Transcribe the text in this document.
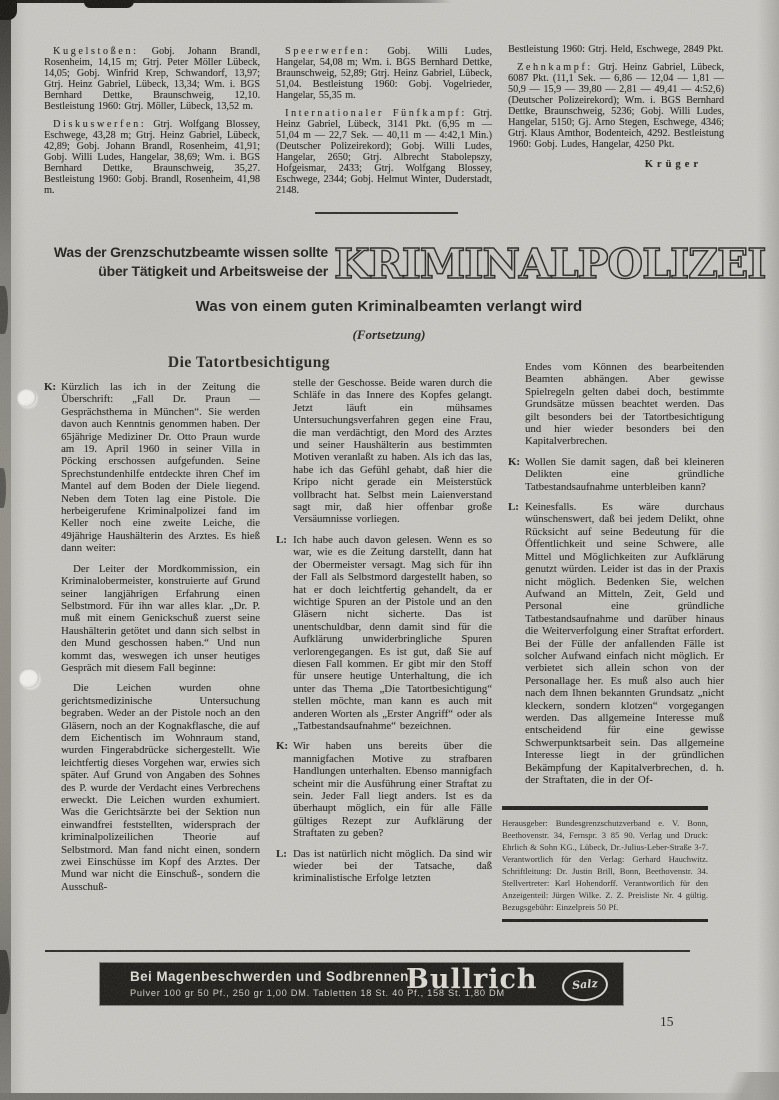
Kugelstoßen: Gobj. Johann Brandl, Rosenheim, 14,15 m; Gtrj. Peter Möller Lübeck, 14,05; Gobj. Winfrid Krep, Schwandorf, 13,97; Gtrj. Heinz Gabriel, Lübeck, 13,34; Wm. i. BGS Bernhard Dettke, Braunschweig, 12,10. Bestleistung 1960: Gtrj. Möller, Lübeck, 13,52 m.

Diskuswerfen: Gtrj. Wolfgang Blossey, Eschwege, 43,28 m; Gtrj. Heinz Gabriel, Lübeck, 42,89; Gobj. Johann Brandl, Rosenheim, 41,91; Gobj. Willi Ludes, Hangelar, 38,69; Wm. i. BGS Bernhard Dettke, Braunschweig, 35,27. Bestleistung 1960: Gobj. Brandl, Rosenheim, 41,98 m.

Speerwerfen: Gobj. Willi Ludes, Hangelar, 54,08 m; Wm. i. BGS Bernhard Dettke, Braunschweig, 52,89; Gtrj. Heinz Gabriel, Lübeck, 51,04. Bestleistung 1960: Gobj. Vogelrieder, Hangelar, 55,35 m.

Internationaler Fünfkampf: Gtrj. Heinz Gabriel, Lübeck, 3141 Pkt. (6,95 m — 51,04 m — 22,7 Sek. — 40,11 m — 4:42,1 Min.) (Deutscher Polizeirekord); Gobj. Willi Ludes, Hangelar, 2650; Gtrj. Albrecht Stabolepszy, Hofgeismar, 2433; Gtrj. Wolfgang Blossey, Eschwege, 2344; Gobj. Helmut Winter, Duderstadt, 2148.

Bestleistung 1960: Gtrj. Held, Eschwege, 2849 Pkt.

Zehnkampf: Gtrj. Heinz Gabriel, Lübeck, 6087 Pkt. (11,1 Sek. — 6,86 — 12,04 — 1,81 — 50,9 — 15,9 — 39,80 — 2,81 — 49,41 — 4:52,6) (Deutscher Polizeirekord); Wm. i. BGS Bernhard Dettke, Braunschweig, 5236; Gobj. Willi Ludes, Hangelar, 5150; Gj. Arno Stegen, Eschwege, 4346; Gtrj. Klaus Amthor, Bodenteich, 4292. Bestleistung 1960: Gobj. Ludes, Hangelar, 4250 Pkt.

Krüger
Was der Grenzschutzbeamte wissen sollte
über Tätigkeit und Arbeitsweise der KRIMINALPOLIZEI
Was von einem guten Kriminalbeamten verlangt wird
(Fortsetzung)
Die Tatortbesichtigung

K: Kürzlich las ich in der Zeitung die Überschrift: „Fall Dr. Praun — Gesprächsthema in München“. Sie werden davon auch Kenntnis genommen haben. Der 65jährige Mediziner Dr. Otto Praun wurde am 19. April 1960 in seiner Villa in Pöcking erschossen aufgefunden. Seine Sprechstundenhilfe entdeckte ihren Chef im Mantel auf dem Boden der Diele liegend. Neben dem Toten lag eine Pistole. Die herbeigerufene Kriminalpolizei fand im Keller noch eine zweite Leiche, die 49jährige Haushälterin des Arztes. Es hieß dann weiter:

Der Leiter der Mordkommission, ein Kriminalobermeister, konstruierte auf Grund seiner langjährigen Erfahrung einen Selbstmord. Für ihn war alles klar. „Dr. P. muß mit einem Genickschuß zuerst seine Haushälterin getötet und dann sich selbst in den Mund geschossen haben.“ Und nun kommt das, weswegen ich unser heutiges Gespräch mit diesem Fall beginne:

Die Leichen wurden ohne gerichtsmedizinische Untersuchung begraben. Weder an der Pistole noch an den Gläsern, noch an der Kognakflasche, die auf dem Eichentisch im Wohnraum stand, wurden Fingerabdrücke sichergestellt. Wie leichtfertig dieses Vorgehen war, erwies sich später. Auf Grund von Angaben des Sohnes des P. wurde der Verdacht eines Verbrechens erweckt. Die Leichen wurden exhumiert. Was die Gerichtsärzte bei der Sektion nun einwandfrei feststellten, widersprach der kriminalpolizeilichen Theorie auf Selbstmord. Man fand nicht einen, sondern zwei Einschüsse im Kopf des Arztes. Der Mund war nicht die Einschuß-, sondern die Ausschuß-

stelle der Geschosse. Beide waren durch die Schläfe in das Innere des Kopfes gelangt. Jetzt läuft ein mühsames Untersuchungsverfahren gegen eine Frau, die man verdächtigt, den Mord des Arztes und seiner Haushälterin aus bestimmten Motiven veranlaßt zu haben. Als ich das las, habe ich das Gefühl gehabt, daß hier die Kripo nicht gerade ein Meisterstück vollbracht hat. Selbst mein Laienverstand sagt mir, daß hier offenbar große Versäumnisse vorliegen.

L: Ich habe auch davon gelesen. Wenn es so war, wie es die Zeitung darstellt, dann hat der Obermeister versagt. Mag sich für ihn der Fall als Selbstmord dargestellt haben, so hat er doch leichtfertig gehandelt, da er wichtige Spuren an der Pistole und an den Gläsern nicht sicherte. Das ist unentschuldbar, denn damit sind für die Aufklärung unwiderbringliche Spuren verlorengegangen. Es ist gut, daß Sie auf diesen Fall kommen. Er gibt mir den Stoff für unsere heutige Unterhaltung, die ich unter das Thema „Die Tatortbesichtigung“ stellen möchte, man kann es auch mit anderen Worten als „Erster Angriff“ oder als „Tatbestandsaufnahme“ bezeichnen.

K: Wir haben uns bereits über die mannigfachen Motive zu strafbaren Handlungen unterhalten. Ebenso mannigfach scheint mir die Ausführung einer Straftat zu sein. Jeder Fall liegt anders. Ist es da überhaupt möglich, ein für alle Fälle gültiges Rezept zur Aufklärung der Straftaten zu geben?

L: Das ist natürlich nicht möglich. Da sind wir wieder bei der Tatsache, daß kriminalistische Erfolge letzten

Endes vom Können des bearbeitenden Beamten abhängen. Aber gewisse Spielregeln gelten dabei doch, bestimmte Grundsätze müssen beachtet werden. Das gilt besonders bei der Tatortbesichtigung und hier wieder besonders bei den Kapitalverbrechen.

K: Wollen Sie damit sagen, daß bei kleineren Delikten eine gründliche Tatbestandsaufnahme unterbleiben kann?

L: Keinesfalls. Es wäre durchaus wünschenswert, daß bei jedem Delikt, ohne Rücksicht auf seine Bedeutung für die Öffentlichkeit und seine Schwere, alle Mittel und Möglichkeiten zur Aufklärung genutzt würden. Leider ist das in der Praxis nicht möglich. Bedenken Sie, welchen Aufwand an Mitteln, Zeit, Geld und Personal eine gründliche Tatbestandsaufnahme und darüber hinaus die Weiterverfolgung einer Straftat erfordert. Bei der Fülle der anfallenden Fälle ist solcher Aufwand einfach nicht möglich. Er verbietet sich allein schon von der Personallage her. Es muß also auch hier nach dem Ihnen bekannten Grundsatz „nicht kleckern, sondern klotzen“ vorgegangen werden. Das allgemeine Interesse muß entscheidend für eine gewisse Schwerpunktsarbeit sein. Das allgemeine Interesse liegt in der gründlichen Bekämpfung der Kapitalverbrechen, d. h. der Straftaten, die in der Of-

Herausgeber: Bundesgrenzschutzverband e. V. Bonn, Beethovenstr. 34, Fernspr. 3 85 90. Verlag und Druck: Ehrlich & Sohn KG., Lübeck, Dr.-Julius-Leber-Straße 3-7. Verantwortlich für den Verlag: Gerhard Hauchwitz. Schriftleitung: Dr. Justin Brill, Bonn, Beethovenstr. 34. Stellvertreter: Karl Hohendorff. Verantwortlich für den Anzeigenteil: Jürgen Wilke. Z. Z. Preisliste Nr. 4 gültig. Bezugsgebühr: Einzelpreis 50 Pf.
Bei Magenbeschwerden und Sodbrennen
Bullrich	Salz
Pulver 100 gr 50 Pf., 250 gr 1,00 DM. Tabletten 18 St. 40 Pf., 158 St. 1,80 DM
15
